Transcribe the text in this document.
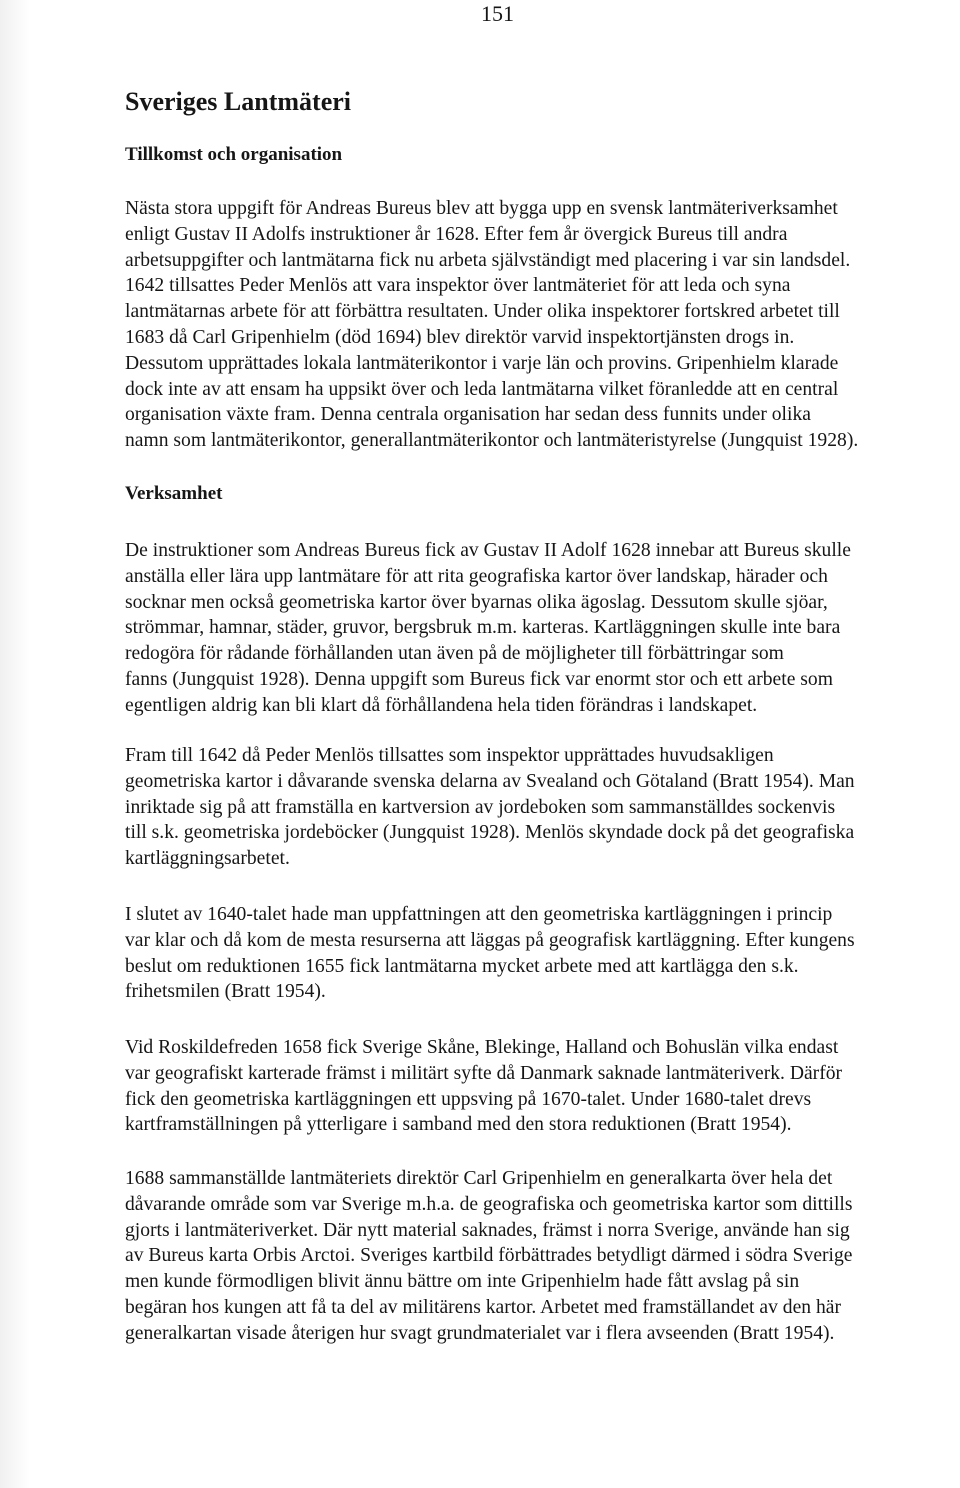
151
Sveriges Lantmäteri
Tillkomst och organisation

Nästa stora uppgift för Andreas Bureus blev att bygga upp en svensk lantmäteriverksamhet
enligt Gustav II Adolfs instruktioner år 1628. Efter fem år övergick Bureus till andra
arbetsuppgifter och lantmätarna fick nu arbeta självständigt med placering i var sin landsdel.
1642 tillsattes Peder Menlös att vara inspektor över lantmäteriet för att leda och syna
lantmätarnas arbete för att förbättra resultaten. Under olika inspektorer fortskred arbetet till
1683 då Carl Gripenhielm (död 1694) blev direktör varvid inspektortjänsten drogs in.
Dessutom upprättades lokala lantmäterikontor i varje län och provins. Gripenhielm klarade
dock inte av att ensam ha uppsikt över och leda lantmätarna vilket föranledde att en central
organisation växte fram. Denna centrala organisation har sedan dess funnits under olika
namn som lantmäterikontor, generallantmäterikontor och lantmäteristyrelse (Jungquist 1928).

Verksamhet

De instruktioner som Andreas Bureus fick av Gustav II Adolf 1628 innebar att Bureus skulle
anställa eller lära upp lantmätare för att rita geografiska kartor över landskap, härader och
socknar men också geometriska kartor över byarnas olika ägoslag. Dessutom skulle sjöar,
strömmar, hamnar, städer, gruvor, bergsbruk m.m. karteras. Kartläggningen skulle inte bara
redogöra för rådande förhållanden utan även på de möjligheter till förbättringar som
fanns (Jungquist 1928). Denna uppgift som Bureus fick var enormt stor och ett arbete som
egentligen aldrig kan bli klart då förhållandena hela tiden förändras i landskapet.

Fram till 1642 då Peder Menlös tillsattes som inspektor upprättades huvudsakligen
geometriska kartor i dåvarande svenska delarna av Svealand och Götaland (Bratt 1954). Man
inriktade sig på att framställa en kartversion av jordeboken som sammanställdes sockenvis
till s.k. geometriska jordeböcker (Jungquist 1928). Menlös skyndade dock på det geografiska
kartläggningsarbetet.

I slutet av 1640-talet hade man uppfattningen att den geometriska kartläggningen i princip
var klar och då kom de mesta resurserna att läggas på geografisk kartläggning. Efter kungens
beslut om reduktionen 1655 fick lantmätarna mycket arbete med att kartlägga den s.k.
frihetsmilen (Bratt 1954).

Vid Roskildefreden 1658 fick Sverige Skåne, Blekinge, Halland och Bohuslän vilka endast
var geografiskt karterade främst i militärt syfte då Danmark saknade lantmäteriverk. Därför
fick den geometriska kartläggningen ett uppsving på 1670-talet. Under 1680-talet drevs
kartframställningen på ytterligare i samband med den stora reduktionen (Bratt 1954).

1688 sammanställde lantmäteriets direktör Carl Gripenhielm en generalkarta över hela det
dåvarande område som var Sverige m.h.a. de geografiska och geometriska kartor som dittills
gjorts i lantmäteriverket. Där nytt material saknades, främst i norra Sverige, använde han sig
av Bureus karta Orbis Arctoi. Sveriges kartbild förbättrades betydligt därmed i södra Sverige
men kunde förmodligen blivit ännu bättre om inte Gripenhielm hade fått avslag på sin
begäran hos kungen att få ta del av militärens kartor. Arbetet med framställandet av den här
generalkartan visade återigen hur svagt grundmaterialet var i flera avseenden (Bratt 1954).
